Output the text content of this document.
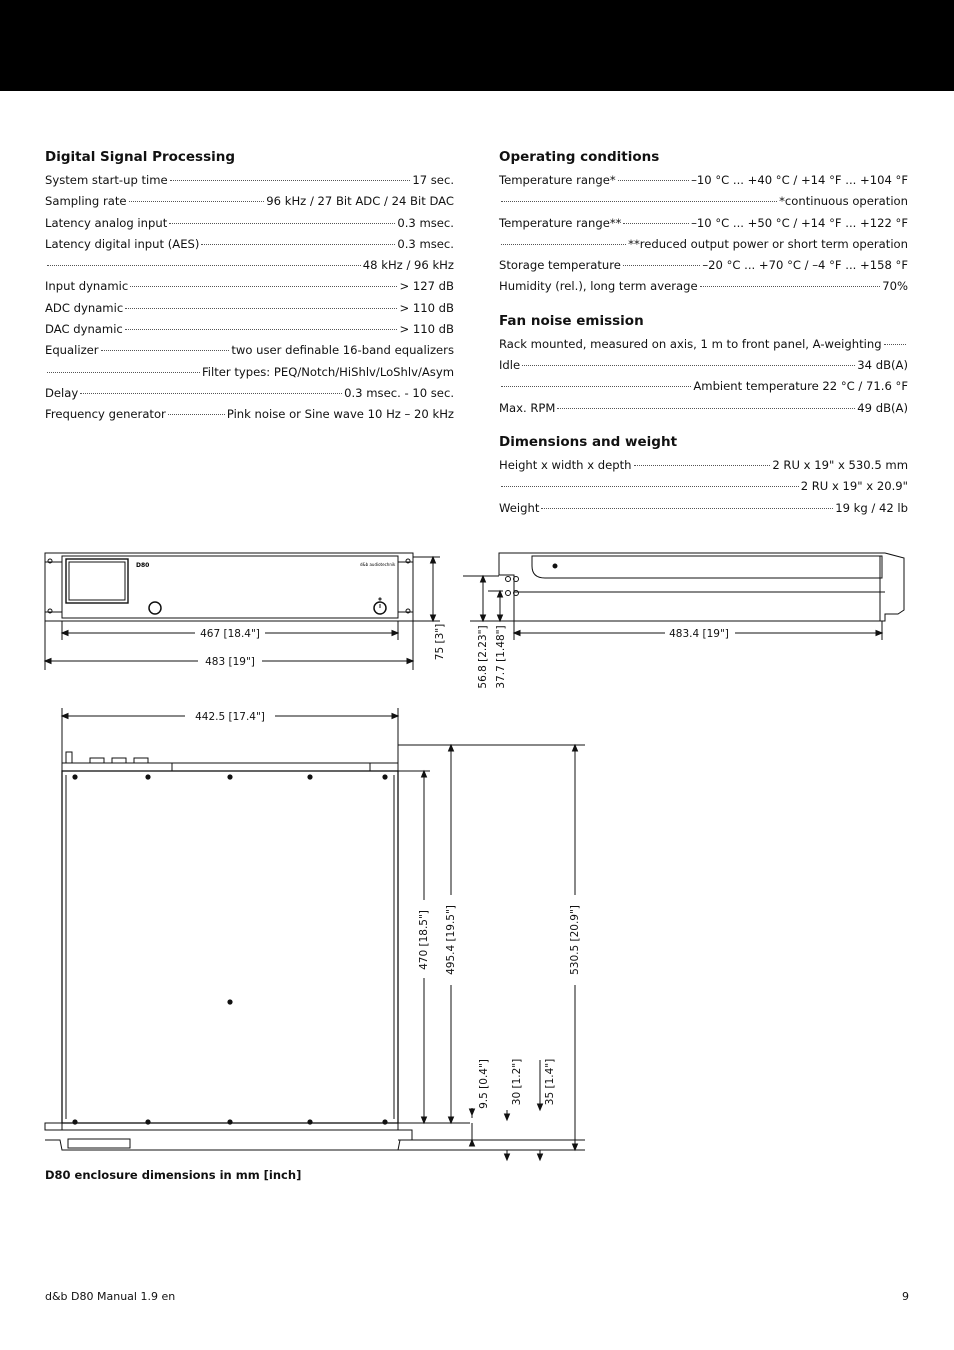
Digital Signal Processing
System start-up time	17 sec.
Sampling rate	96 kHz / 27 Bit ADC / 24 Bit DAC
Latency analog input	0.3 msec.
Latency digital input (AES)	0.3 msec.
48 kHz / 96 kHz
Input dynamic	> 127 dB
ADC dynamic	> 110 dB
DAC dynamic	> 110 dB
Equalizer	two user definable 16-band equalizers
Filter types: PEQ/Notch/HiShlv/LoShlv/Asym
Delay	0.3 msec. - 10 sec.
Frequency generator	Pink noise or Sine wave 10 Hz – 20 kHz
Operating conditions
Temperature range*	–10 °C ... +40 °C / +14 °F ... +104 °F
*continuous operation
Temperature range**	–10 °C ... +50 °C / +14 °F ... +122 °F
**reduced output power or short term operation
Storage temperature	–20 °C ... +70 °C / –4 °F ... +158 °F
Humidity (rel.), long term average	70%
Fan noise emission
Rack mounted, measured on axis, 1 m to front panel, A-weighting
Idle	34 dB(A)
Ambient temperature 22 °C / 71.6 °F
Max. RPM	49 dB(A)
Dimensions and weight
Height x width x depth	2 RU x 19" x 530.5 mm
2 RU x 19" x 20.9"
Weight	19 kg / 42 lb
467 [18.4"]
483 [19"]
75 [3"]	56.8 [2.23"] 37.7 [1.48"]	483.4 [19"]
442.5 [17.4"]
470 [18.5"] 495.4 [19.5"]	530.5 [20.9"]
9.5 [0.4"] 30 [1.2"] 35 [1.4"]
D80	d&b audiotechnik
D80 enclosure dimensions in mm [inch]
d&b D80 Manual 1.9 en	9
